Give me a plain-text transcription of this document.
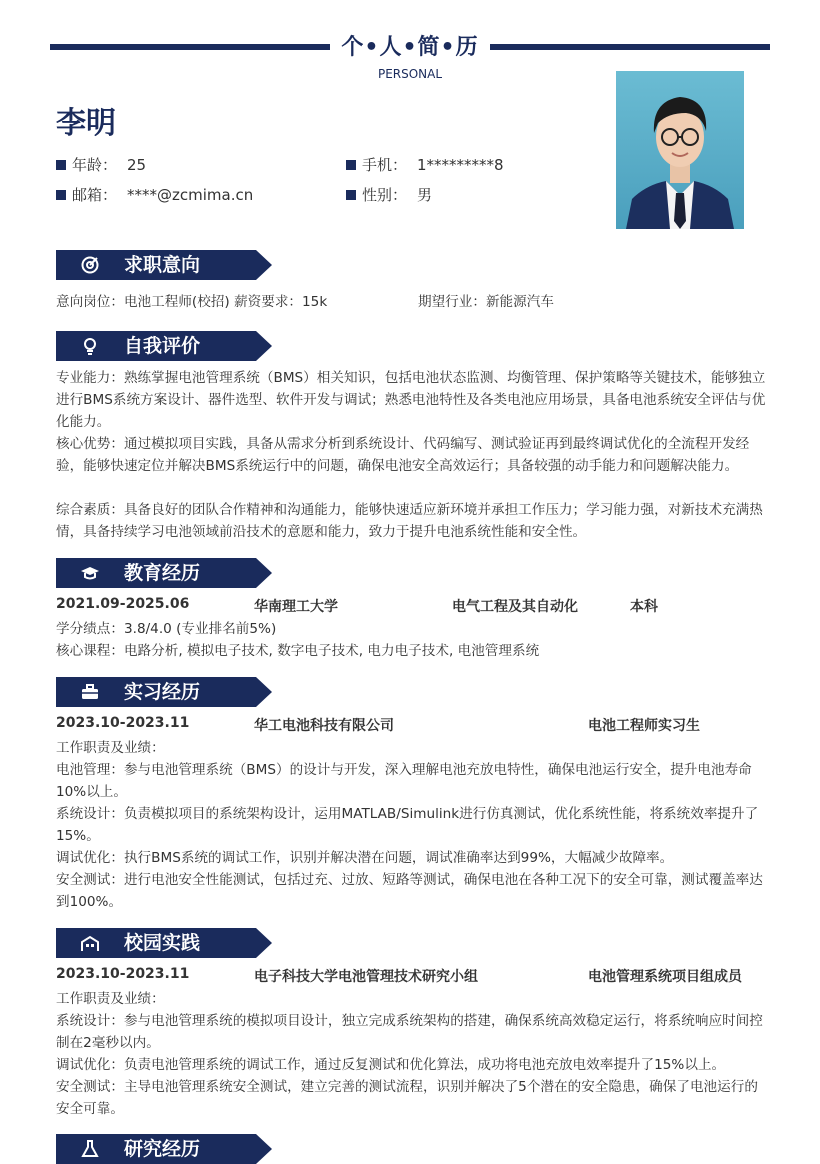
个•人•简•历
PERSONAL
李明
年龄： 25	手机： 1*********8
邮箱： ****@zcmima.cn	性别： 男
求职意向
意向岗位：电池工程师(校招) 薪资要求：15k	期望行业：新能源汽车
自我评价
专业能力：熟练掌握电池管理系统（BMS）相关知识，包括电池状态监测、均衡管理、保护策略等关键技术，能够独立进行BMS系统方案设计、器件选型、软件开发与调试；熟悉电池特性及各类电池应用场景，具备电池系统安全评估与优化能力。
核心优势：通过模拟项目实践，具备从需求分析到系统设计、代码编写、测试验证再到最终调试优化的全流程开发经验，能够快速定位并解决BMS系统运行中的问题，确保电池安全高效运行；具备较强的动手能力和问题解决能力。
综合素质：具备良好的团队合作精神和沟通能力，能够快速适应新环境并承担工作压力；学习能力强，对新技术充满热情，具备持续学习电池领域前沿技术的意愿和能力，致力于提升电池系统性能和安全性。
教育经历
2021.09-2025.06	华南理工大学	电气工程及其自动化	本科
学分绩点：3.8/4.0 (专业排名前5%)
核心课程：电路分析, 模拟电子技术, 数字电子技术, 电力电子技术, 电池管理系统
实习经历
2023.10-2023.11	华工电池科技有限公司	电池工程师实习生
工作职责及业绩：
电池管理：参与电池管理系统（BMS）的设计与开发，深入理解电池充放电特性，确保电池运行安全，提升电池寿命10%以上。
系统设计：负责模拟项目的系统架构设计，运用MATLAB/Simulink进行仿真测试，优化系统性能，将系统效率提升了15%。
调试优化：执行BMS系统的调试工作，识别并解决潜在问题，调试准确率达到99%，大幅减少故障率。
安全测试：进行电池安全性能测试，包括过充、过放、短路等测试，确保电池在各种工况下的安全可靠，测试覆盖率达到100%。
校园实践
2023.10-2023.11	电子科技大学电池管理技术研究小组	电池管理系统项目组成员
工作职责及业绩：
系统设计：参与电池管理系统的模拟项目设计，独立完成系统架构的搭建，确保系统高效稳定运行，将系统响应时间控制在2毫秒以内。
调试优化：负责电池管理系统的调试工作，通过反复测试和优化算法，成功将电池充放电效率提升了15%以上。
安全测试：主导电池管理系统安全测试，建立完善的测试流程，识别并解决了5个潜在的安全隐患，确保了电池运行的安全可靠。
研究经历
